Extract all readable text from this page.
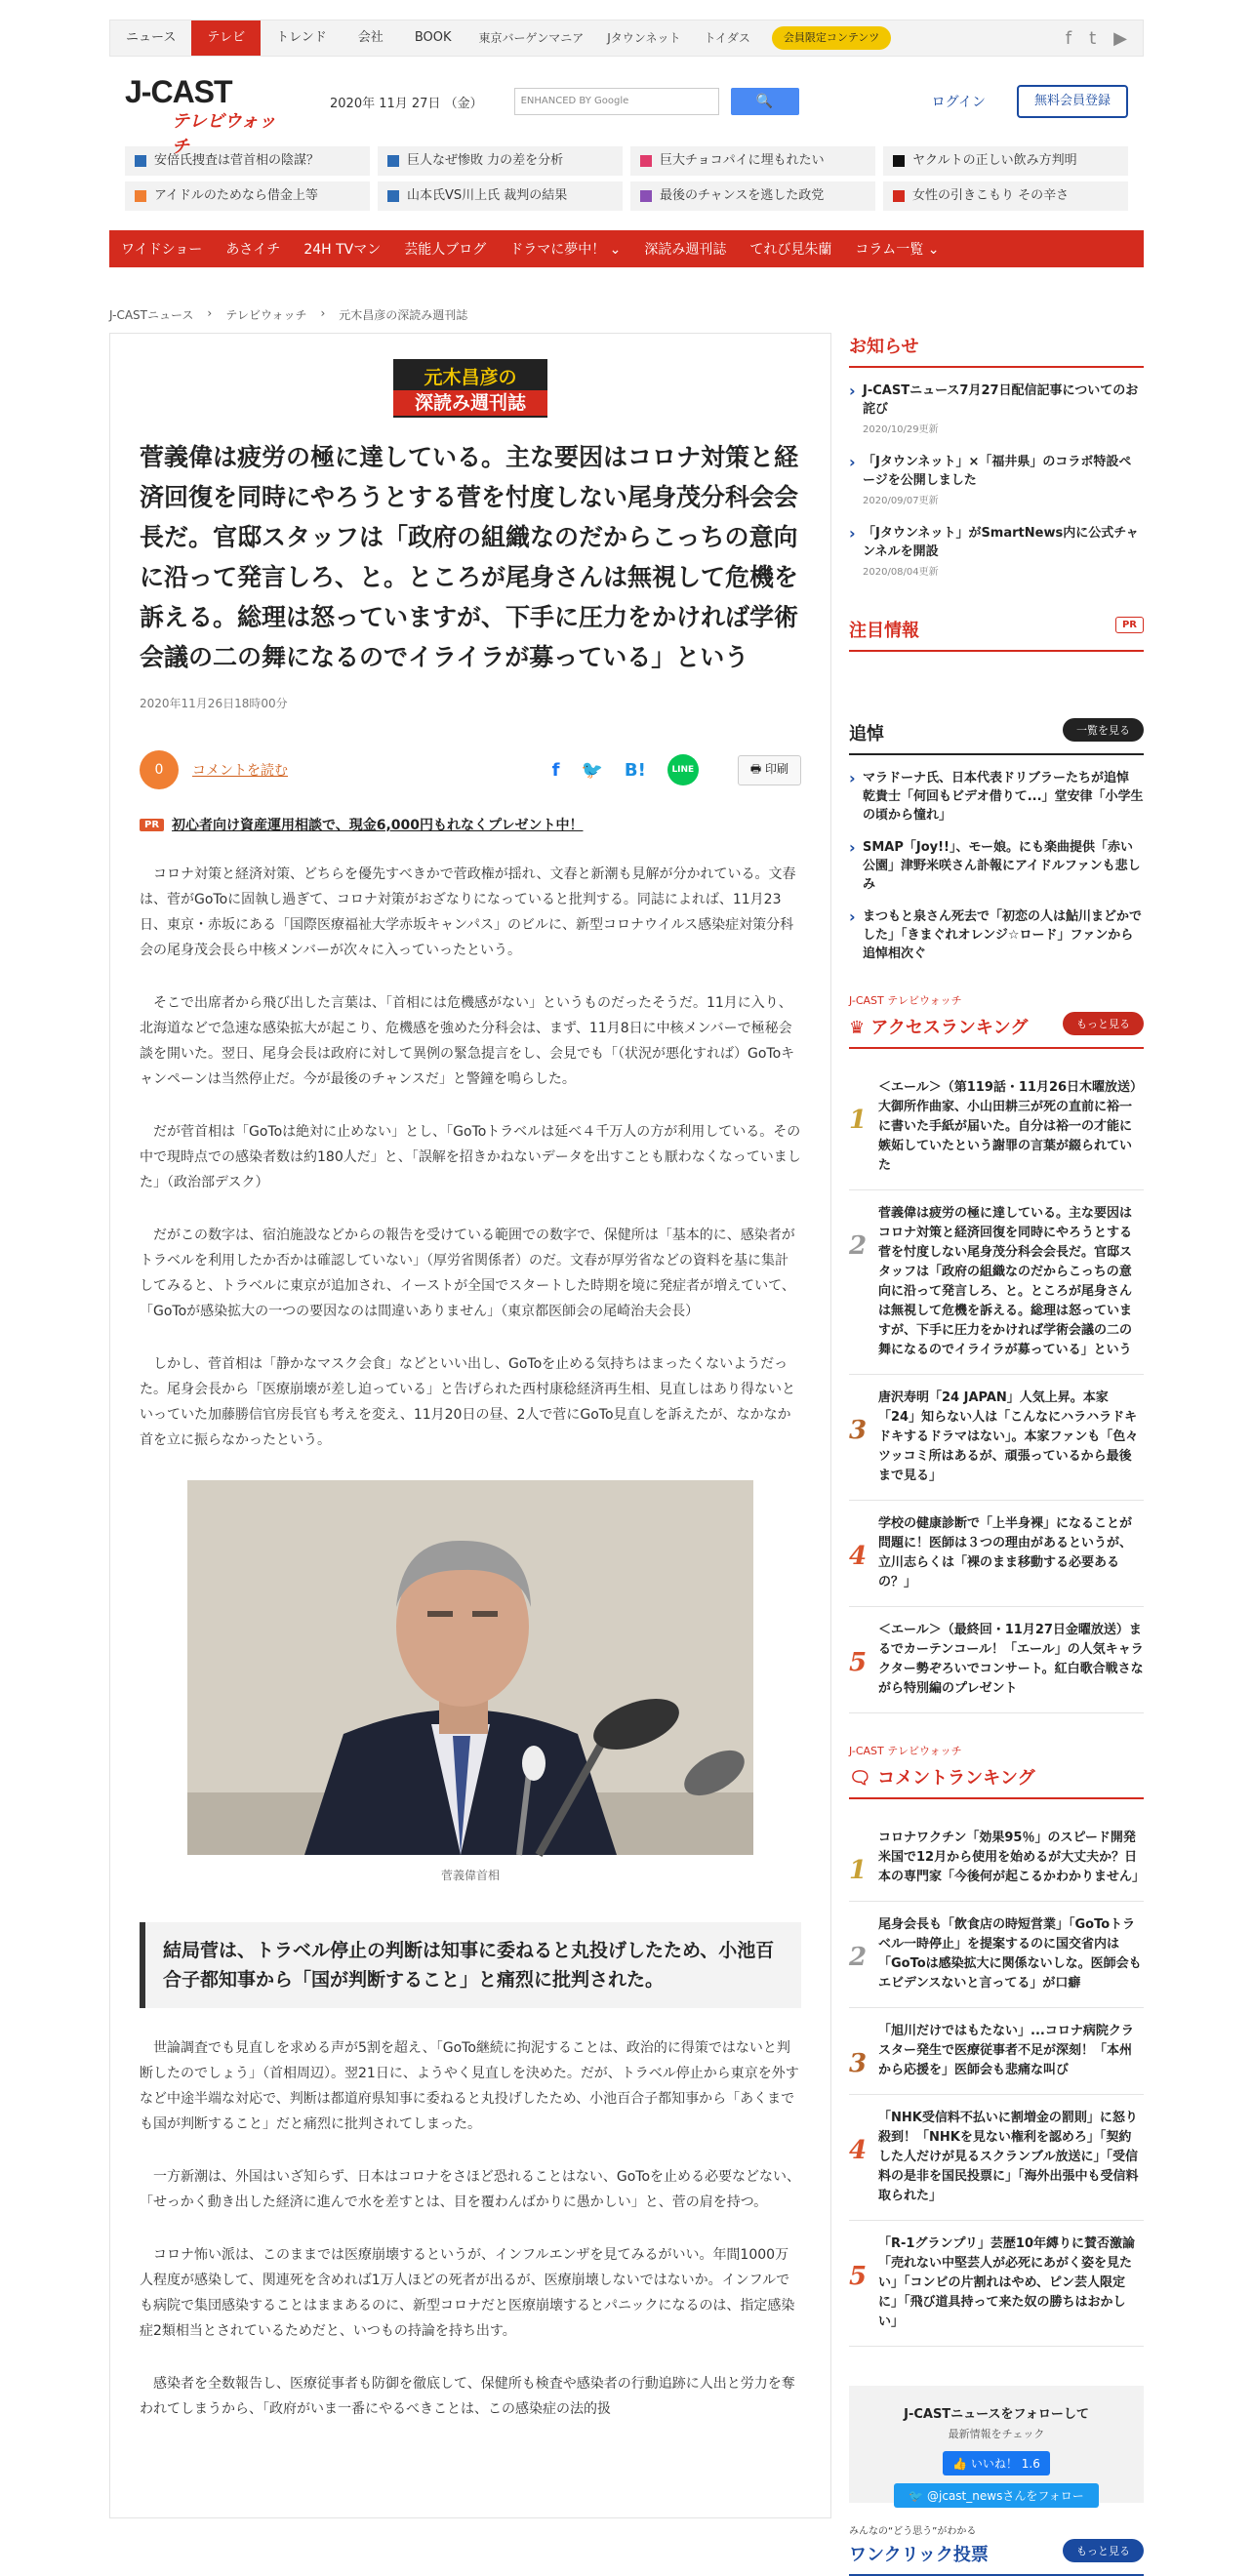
ニュース	テレビ	トレンド	会社	BOOK	東京バーゲンマニア	Jタウンネット	トイダス	会員限定コンテンツ	f t ▶
J-CAST
テレビウォッチ
2020年 11月 27日 （金）	ENHANCED BY Google	🔍	ログイン	無料会員登録
安倍氏捜査は菅首相の陰謀？	巨人なぜ惨敗 力の差を分析	巨大チョコパイに埋もれたい	ヤクルトの正しい飲み方判明
アイドルのためなら借金上等	山本氏VS川上氏 裁判の結果	最後のチャンスを逃した政党	女性の引きこもり その辛さ
ワイドショー	あさイチ	24H TVマン	芸能人ブログ	ドラマに夢中！ ⌄	深読み週刊誌	てれび見朱蘭	コラム一覧 ⌄
J-CASTニュース › テレビウォッチ › 元木昌彦の深読み週刊誌
元木昌彦の
深読み週刊誌
菅義偉は疲労の極に達している。主な要因はコロナ対策と経済回復を同時にやろうとする菅を忖度しない尾身茂分科会会長だ。官邸スタッフは「政府の組織なのだからこっちの意向に沿って発言しろ、と。ところが尾身さんは無視して危機を訴える。総理は怒っていますが、下手に圧力をかければ学術会議の二の舞になるのでイライラが募っている」という
2020年11月26日18時00分
0	コメントを読む	f 🐦 B!	LINE	🖶 印刷
PR 初心者向け資産運用相談で、現金6,000円もれなくプレゼント中！

コロナ対策と経済対策、どちらを優先すべきかで菅政権が揺れ、文春と新潮も見解が分かれている。文春は、菅がGoToに固執し過ぎて、コロナ対策がおざなりになっていると批判する。同誌によれば、11月23日、東京・赤坂にある「国際医療福祉大学赤坂キャンパス」のビルに、新型コロナウイルス感染症対策分科会の尾身茂会長ら中核メンバーが次々に入っていったという。

そこで出席者から飛び出した言葉は、「首相には危機感がない」というものだったそうだ。11月に入り、北海道などで急速な感染拡大が起こり、危機感を強めた分科会は、まず、11月8日に中核メンバーで極秘会談を開いた。翌日、尾身会長は政府に対して異例の緊急提言をし、会見でも「（状況が悪化すれば）GoToキャンペーンは当然停止だ。今が最後のチャンスだ」と警鐘を鳴らした。

だが菅首相は「GoToは絶対に止めない」とし、「GoToトラベルは延べ４千万人の方が利用している。その中で現時点での感染者数は約180人だ」と、「誤解を招きかねないデータを出すことも厭わなくなっていました」（政治部デスク）

だがこの数字は、宿泊施設などからの報告を受けている範囲での数字で、保健所は「基本的に、感染者がトラベルを利用したか否かは確認していない」（厚労省関係者）のだ。文春が厚労省などの資料を基に集計してみると、トラベルに東京が追加され、イーストが全国でスタートした時期を境に発症者が増えていて、「GoToが感染拡大の一つの要因なのは間違いありません」（東京都医師会の尾崎治夫会長）

しかし、菅首相は「静かなマスク会食」などといい出し、GoToを止める気持ちはまったくないようだった。尾身会長から「医療崩壊が差し迫っている」と告げられた西村康稔経済再生相、見直しはあり得ないといっていた加藤勝信官房長官も考えを変え、11月20日の昼、2人で菅にGoTo見直しを訴えたが、なかなか首を立に振らなかったという。

菅義偉首相
結局菅は、トラベル停止の判断は知事に委ねると丸投げしたため、小池百合子都知事から「国が判断すること」と痛烈に批判された。

世論調査でも見直しを求める声が5割を超え、「GoTo継続に拘泥することは、政治的に得策ではないと判断したのでしょう」（首相周辺）。翌21日に、ようやく見直しを決めた。だが、トラベル停止から東京を外すなど中途半端な対応で、判断は都道府県知事に委ねると丸投げしたため、小池百合子都知事から「あくまでも国が判断すること」だと痛烈に批判されてしまった。

一方新潮は、外国はいざ知らず、日本はコロナをさほど恐れることはない、GoToを止める必要などない、「せっかく動き出した経済に進んで水を差すとは、目を覆わんばかりに愚かしい」と、菅の肩を持つ。

コロナ怖い派は、このままでは医療崩壊するというが、インフルエンザを見てみるがいい。年間1000万人程度が感染して、関連死を含めれば1万人ほどの死者が出るが、医療崩壊しないではないか。インフルでも病院で集団感染することはままあるのに、新型コロナだと医療崩壊するとパニックになるのは、指定感染症2類相当とされているためだと、いつもの持論を持ち出す。

感染者を全数報告し、医療従事者も防御を徹底して、保健所も検査や感染者の行動追跡に人出と労力を奪われてしまうから、「政府がいま一番にやるべきことは、この感染症の法的扱

お知らせ
› J-CASTニュース7月27日配信記事についてのお詫び
2020/10/29更新
› 「Jタウンネット」×「福井県」のコラボ特設ページを公開しました
2020/09/07更新
› 「Jタウンネット」がSmartNews内に公式チャンネルを開設
2020/08/04更新
注目情報	PR
追悼	一覧を見る
› マラドーナ氏、日本代表ドリブラーたちが追悼　乾貴士「何回もビデオ借りて...」堂安律「小学生の頃から憧れ」
› SMAP「Joy!!」、モー娘。にも楽曲提供「赤い公園」津野米咲さん訃報にアイドルファンも悲しみ
› まつもと泉さん死去で「初恋の人は鮎川まどかでした」「きまぐれオレンジ☆ロード」ファンから追悼相次ぐ
J-CAST テレビウォッチ
♛ アクセスランキング	もっと見る
1
＜エール＞（第119話・11月26日木曜放送）大御所作曲家、小山田耕三が死の直前に裕一に書いた手紙が届いた。自分は裕一の才能に嫉妬していたという謝罪の言葉が綴られていた
2
菅義偉は疲労の極に達している。主な要因はコロナ対策と経済回復を同時にやろうとする菅を忖度しない尾身茂分科会会長だ。官邸スタッフは「政府の組織なのだからこっちの意向に沿って発言しろ、と。ところが尾身さんは無視して危機を訴える。総理は怒っていますが、下手に圧力をかければ学術会議の二の舞になるのでイライラが募っている」という
3
唐沢寿明「24 JAPAN」人気上昇。本家「24」知らない人は「こんなにハラハラドキドキするドラマはない」。本家ファンも「色々ツッコミ所はあるが、頑張っているから最後まで見る」
4
学校の健康診断で「上半身裸」になることが問題に！医師は３つの理由があるというが、立川志らくは「裸のまま移動する必要あるの？」
5
＜エール＞（最終回・11月27日金曜放送）まるでカーテンコール！「エール」の人気キャラクター勢ぞろいでコンサート。紅白歌合戦さながら特別編のプレゼント
J-CAST テレビウォッチ
🗨 コメントランキング
1
コロナワクチン「効果95％」のスピード開発　米国で12月から使用を始めるが大丈夫か？日本の専門家「今後何が起こるかわかりません」
2
尾身会長も「飲食店の時短営業」「GoToトラベル一時停止」を提案するのに国交省内は「GoToは感染拡大に関係ないしな。医師会もエビデンスないと言ってる」が口癖
3
「旭川だけではもたない」...コロナ病院クラスター発生で医療従事者不足が深刻！「本州から応援を」医師会も悲痛な叫び
4
「NHK受信料不払いに割増金の罰則」に怒り殺到！「NHKを見ない権利を認めろ」「契約した人だけが見るスクランブル放送に」「受信料の是非を国民投票に」「海外出張中も受信料取られた」
5
「R-1グランプリ」芸歴10年縛りに賛否激論「売れない中堅芸人が必死にあがく姿を見たい」「コンビの片割れはやめ、ピン芸人限定に」「飛び道具持って来た奴の勝ちはおかしい」
J-CASTニュースをフォローして
最新情報をチェック
👍 いいね！ 1.6
🐦 @jcast_newsさんをフォロー
みんなの“どう思う”がわかる
ワンクリック投票	もっと見る
